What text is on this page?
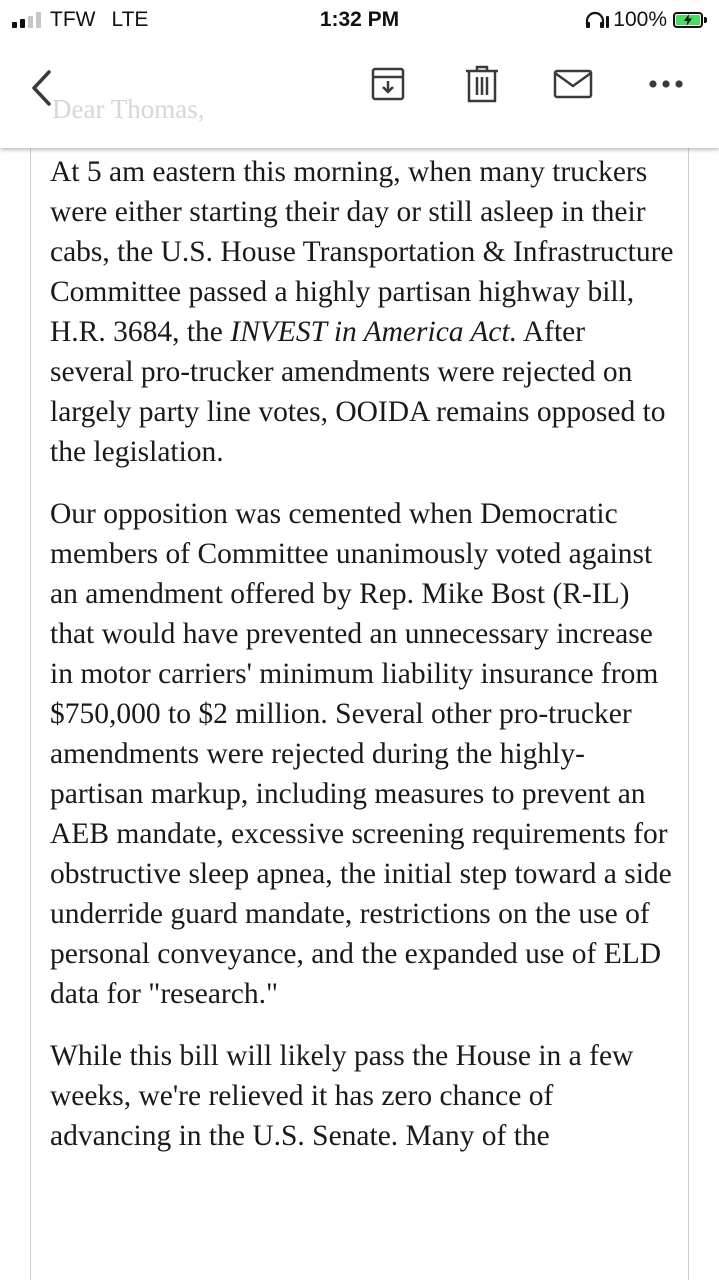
TFW LTE	1:32 PM	100%
Dear Thomas,

At 5 am eastern this morning, when many truckers were either starting their day or still asleep in their cabs, the U.S. House Transportation & Infrastructure Committee passed a highly partisan highway bill, H.R. 3684, the INVEST in America Act. After several pro-trucker amendments were rejected on largely party line votes, OOIDA remains opposed to the legislation.

Our opposition was cemented when Democratic members of Committee unanimously voted against an amendment offered by Rep. Mike Bost (R-IL) that would have prevented an unnecessary increase in motor carriers' minimum liability insurance from $750,000 to $2 million. Several other pro-trucker amendments were rejected during the highly-partisan markup, including measures to prevent an AEB mandate, excessive screening requirements for obstructive sleep apnea, the initial step toward a side underride guard mandate, restrictions on the use of personal conveyance, and the expanded use of ELD data for "research."

While this bill will likely pass the House in a few weeks, we're relieved it has zero chance of advancing in the U.S. Senate. Many of the
